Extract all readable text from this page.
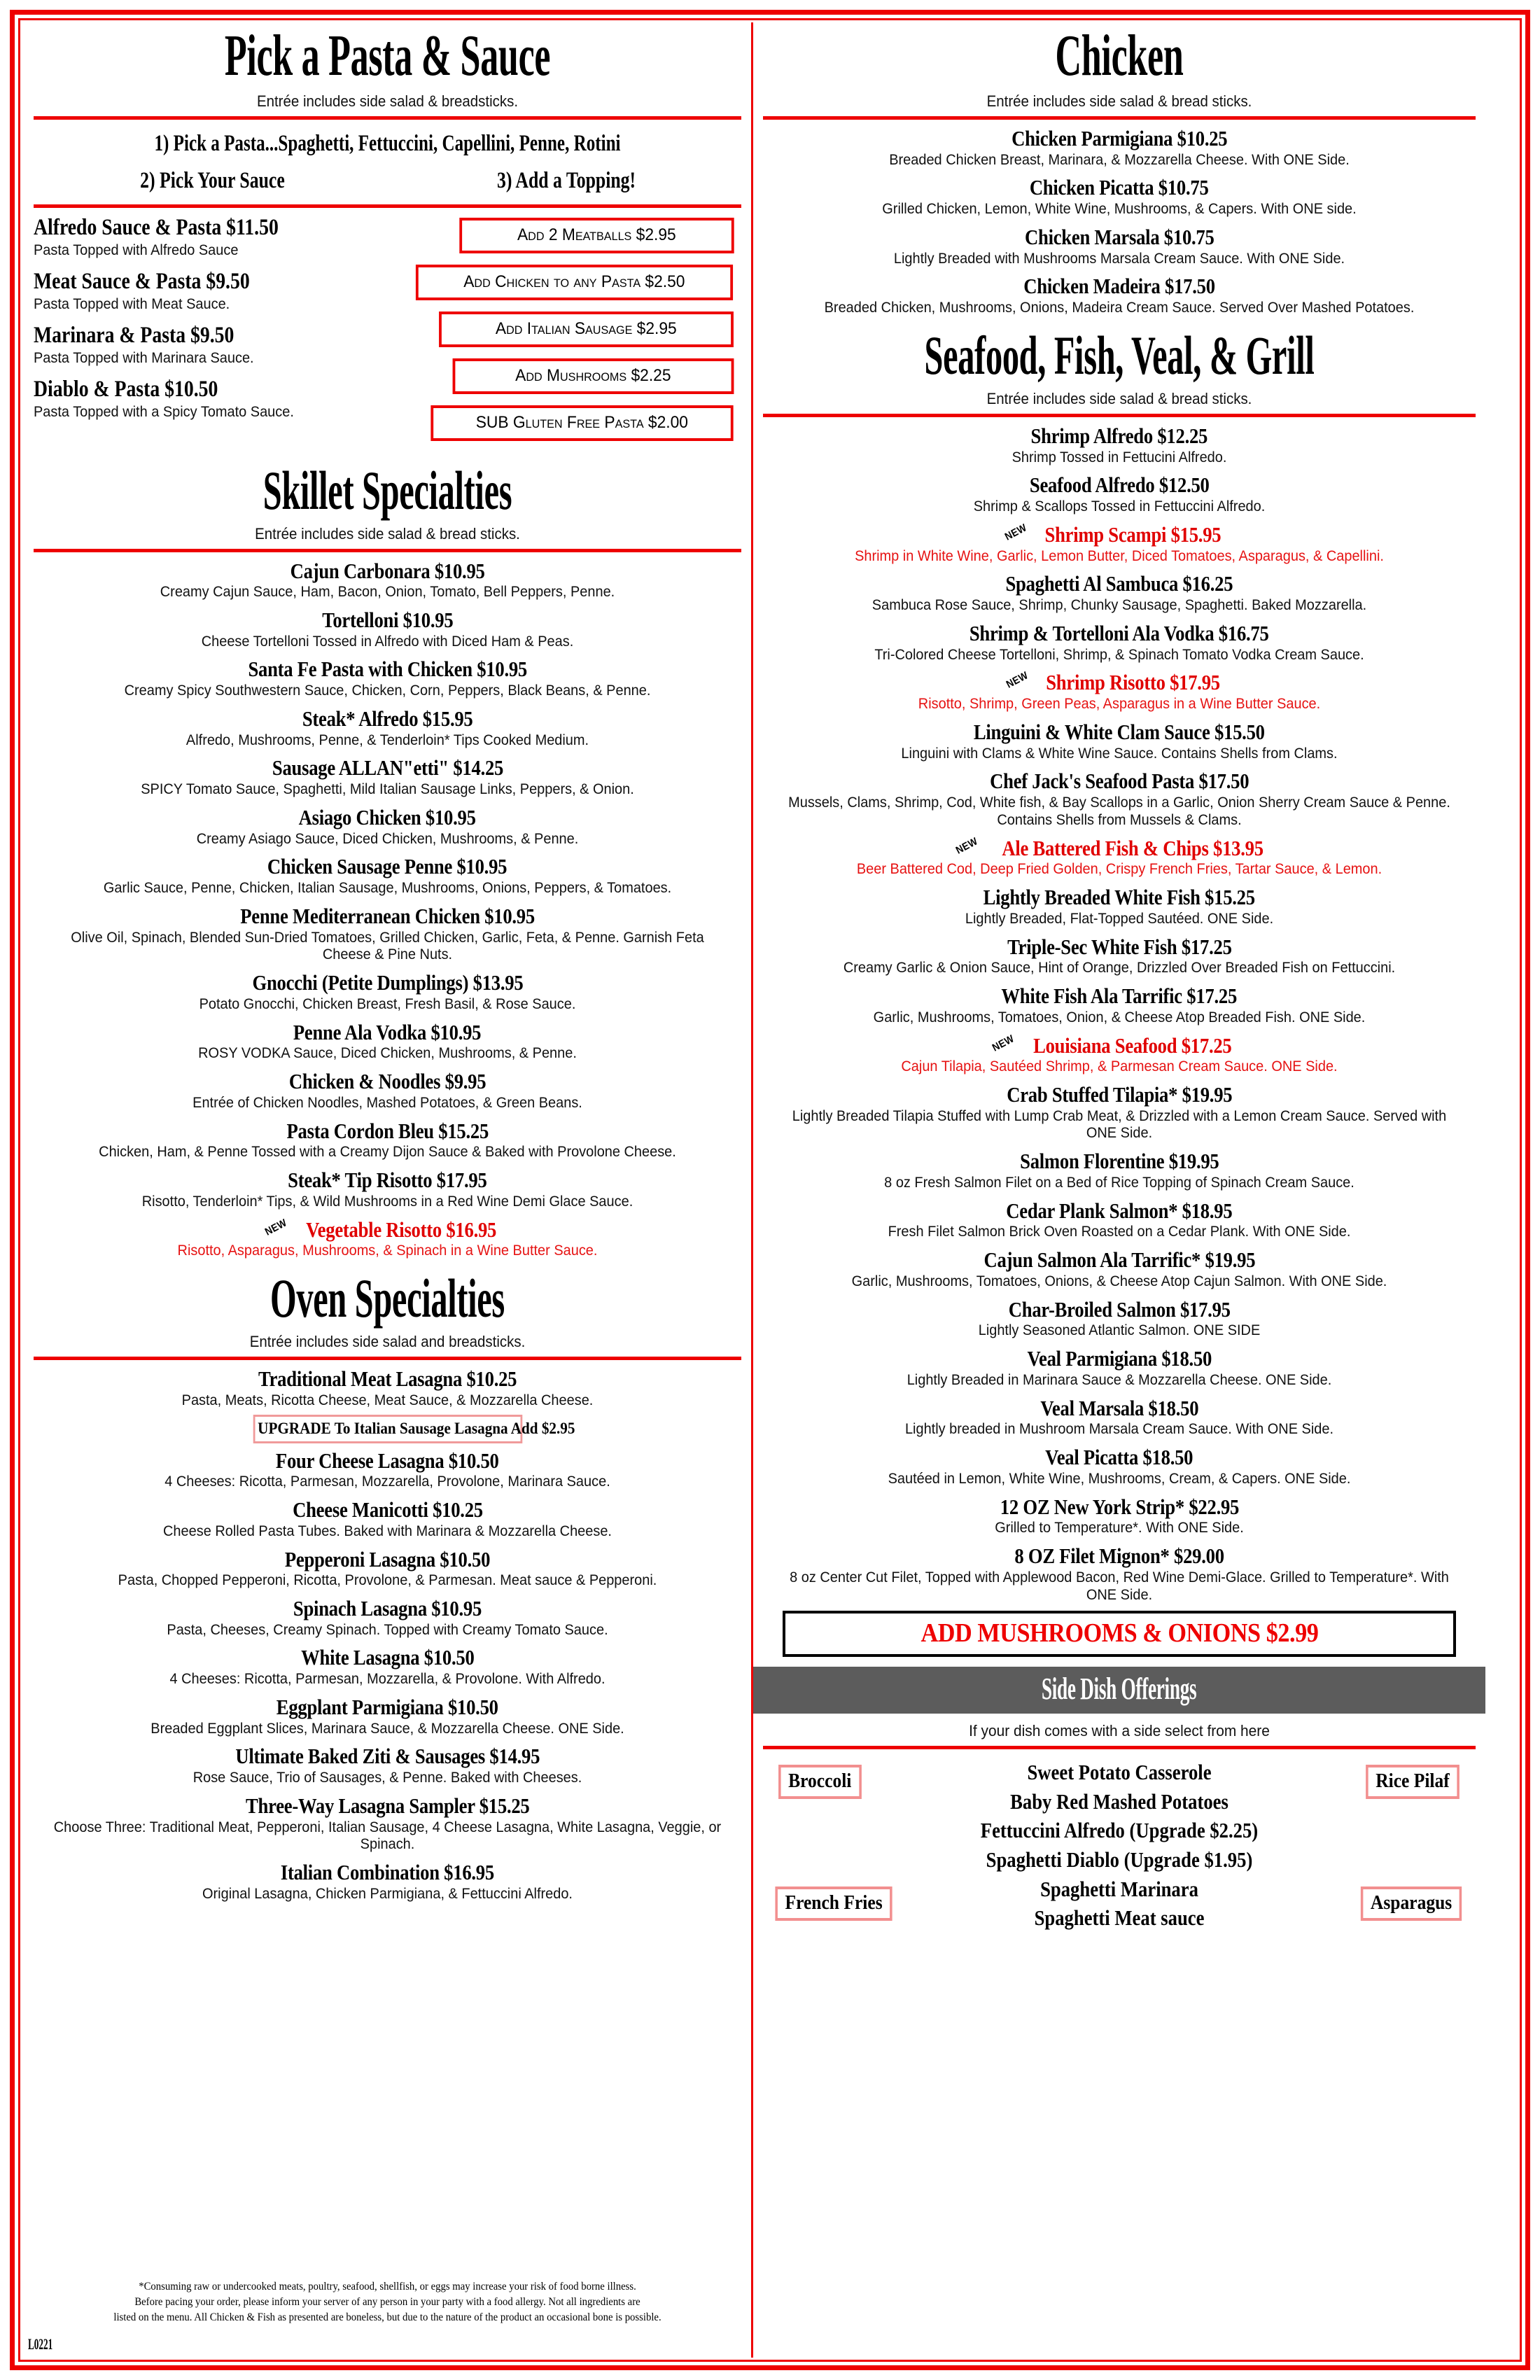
Pick a Pasta & Sauce
Entrée includes side salad & breadsticks.
1) Pick a Pasta...Spaghetti, Fettuccini, Capellini, Penne, Rotini
2) Pick Your Sauce	3) Add a Topping!
Alfredo Sauce & Pasta $11.50
Pasta Topped with Alfredo Sauce
Meat Sauce & Pasta $9.50
Pasta Topped with Meat Sauce.
Marinara & Pasta $9.50
Pasta Topped with Marinara Sauce.
Diablo & Pasta $10.50
Pasta Topped with a Spicy Tomato Sauce.
Add 2 Meatballs $2.95
Add Chicken to any Pasta $2.50
Add Italian Sausage $2.95
Add Mushrooms $2.25
SUB Gluten Free Pasta $2.00
Skillet Specialties
Entrée includes side salad & bread sticks.
Cajun Carbonara $10.95
Creamy Cajun Sauce, Ham, Bacon, Onion, Tomato, Bell Peppers, Penne.
Tortelloni $10.95
Cheese Tortelloni Tossed in Alfredo with Diced Ham & Peas.
Santa Fe Pasta with Chicken $10.95
Creamy Spicy Southwestern Sauce, Chicken, Corn, Peppers, Black Beans, & Penne.
Steak* Alfredo $15.95
Alfredo, Mushrooms, Penne, & Tenderloin* Tips Cooked Medium.
Sausage ALLAN"etti" $14.25
SPICY Tomato Sauce, Spaghetti, Mild Italian Sausage Links, Peppers, & Onion.
Asiago Chicken $10.95
Creamy Asiago Sauce, Diced Chicken, Mushrooms, & Penne.
Chicken Sausage Penne $10.95
Garlic Sauce, Penne, Chicken, Italian Sausage, Mushrooms, Onions, Peppers, & Tomatoes.
Penne Mediterranean Chicken $10.95
Olive Oil, Spinach, Blended Sun-Dried Tomatoes, Grilled Chicken, Garlic, Feta, & Penne. Garnish Feta Cheese & Pine Nuts.
Gnocchi (Petite Dumplings) $13.95
Potato Gnocchi, Chicken Breast, Fresh Basil, & Rose Sauce.
Penne Ala Vodka $10.95
ROSY VODKA Sauce, Diced Chicken, Mushrooms, & Penne.
Chicken & Noodles $9.95
Entrée of Chicken Noodles, Mashed Potatoes, & Green Beans.
Pasta Cordon Bleu $15.25
Chicken, Ham, & Penne Tossed with a Creamy Dijon Sauce & Baked with Provolone Cheese.
Steak* Tip Risotto $17.95
Risotto, Tenderloin* Tips, & Wild Mushrooms in a Red Wine Demi Glace Sauce.
NEW Vegetable Risotto $16.95
Risotto, Asparagus, Mushrooms, & Spinach in a Wine Butter Sauce.
Oven Specialties
Entrée includes side salad and breadsticks.
Traditional Meat Lasagna $10.25
Pasta, Meats, Ricotta Cheese, Meat Sauce, & Mozzarella Cheese.
UPGRADE To Italian Sausage Lasagna Add $2.95
Four Cheese Lasagna $10.50
4 Cheeses: Ricotta, Parmesan, Mozzarella, Provolone, Marinara Sauce.
Cheese Manicotti $10.25
Cheese Rolled Pasta Tubes. Baked with Marinara & Mozzarella Cheese.
Pepperoni Lasagna $10.50
Pasta, Chopped Pepperoni, Ricotta, Provolone, & Parmesan. Meat sauce & Pepperoni.
Spinach Lasagna $10.95
Pasta, Cheeses, Creamy Spinach. Topped with Creamy Tomato Sauce.
White Lasagna $10.50
4 Cheeses: Ricotta, Parmesan, Mozzarella, & Provolone. With Alfredo.
Eggplant Parmigiana $10.50
Breaded Eggplant Slices, Marinara Sauce, & Mozzarella Cheese. ONE Side.
Ultimate Baked Ziti & Sausages $14.95
Rose Sauce, Trio of Sausages, & Penne. Baked with Cheeses.
Three-Way Lasagna Sampler $15.25
Choose Three: Traditional Meat, Pepperoni, Italian Sausage, 4 Cheese Lasagna, White Lasagna, Veggie, or Spinach.
Italian Combination $16.95
Original Lasagna, Chicken Parmigiana, & Fettuccini Alfredo.
*Consuming raw or undercooked meats, poultry, seafood, shellfish, or eggs may increase your risk of food borne illness.
Before pacing your order, please inform your server of any person in your party with a food allergy. Not all ingredients are
listed on the menu. All Chicken & Fish as presented are boneless, but due to the nature of the product an occasional bone is possible.
L0221
Chicken
Entrée includes side salad & bread sticks.
Chicken Parmigiana $10.25
Breaded Chicken Breast, Marinara, & Mozzarella Cheese. With ONE Side.
Chicken Picatta $10.75
Grilled Chicken, Lemon, White Wine, Mushrooms, & Capers. With ONE side.
Chicken Marsala $10.75
Lightly Breaded with Mushrooms Marsala Cream Sauce. With ONE Side.
Chicken Madeira $17.50
Breaded Chicken, Mushrooms, Onions, Madeira Cream Sauce. Served Over Mashed Potatoes.
Seafood, Fish, Veal, & Grill
Entrée includes side salad & bread sticks.
Shrimp Alfredo $12.25
Shrimp Tossed in Fettucini Alfredo.
Seafood Alfredo $12.50
Shrimp & Scallops Tossed in Fettuccini Alfredo.
NEW Shrimp Scampi $15.95
Shrimp in White Wine, Garlic, Lemon Butter, Diced Tomatoes, Asparagus, & Capellini.
Spaghetti Al Sambuca $16.25
Sambuca Rose Sauce, Shrimp, Chunky Sausage, Spaghetti. Baked Mozzarella.
Shrimp & Tortelloni Ala Vodka $16.75
Tri-Colored Cheese Tortelloni, Shrimp, & Spinach Tomato Vodka Cream Sauce.
NEW Shrimp Risotto $17.95
Risotto, Shrimp, Green Peas, Asparagus in a Wine Butter Sauce.
Linguini & White Clam Sauce $15.50
Linguini with Clams & White Wine Sauce. Contains Shells from Clams.
Chef Jack's Seafood Pasta $17.50
Mussels, Clams, Shrimp, Cod, White fish, & Bay Scallops in a Garlic, Onion Sherry Cream Sauce & Penne. Contains Shells from Mussels & Clams.
NEW Ale Battered Fish & Chips $13.95
Beer Battered Cod, Deep Fried Golden, Crispy French Fries, Tartar Sauce, & Lemon.
Lightly Breaded White Fish $15.25
Lightly Breaded, Flat-Topped Sautéed. ONE Side.
Triple-Sec White Fish $17.25
Creamy Garlic & Onion Sauce, Hint of Orange, Drizzled Over Breaded Fish on Fettuccini.
White Fish Ala Tarrific $17.25
Garlic, Mushrooms, Tomatoes, Onion, & Cheese Atop Breaded Fish. ONE Side.
NEW Louisiana Seafood $17.25
Cajun Tilapia, Sautéed Shrimp, & Parmesan Cream Sauce. ONE Side.
Crab Stuffed Tilapia* $19.95
Lightly Breaded Tilapia Stuffed with Lump Crab Meat, & Drizzled with a Lemon Cream Sauce. Served with ONE Side.
Salmon Florentine $19.95
8 oz Fresh Salmon Filet on a Bed of Rice Topping of Spinach Cream Sauce.
Cedar Plank Salmon* $18.95
Fresh Filet Salmon Brick Oven Roasted on a Cedar Plank. With ONE Side.
Cajun Salmon Ala Tarrific* $19.95
Garlic, Mushrooms, Tomatoes, Onions, & Cheese Atop Cajun Salmon. With ONE Side.
Char-Broiled Salmon $17.95
Lightly Seasoned Atlantic Salmon. ONE SIDE
Veal Parmigiana $18.50
Lightly Breaded in Marinara Sauce & Mozzarella Cheese. ONE Side.
Veal Marsala $18.50
Lightly breaded in Mushroom Marsala Cream Sauce. With ONE Side.
Veal Picatta $18.50
Sautéed in Lemon, White Wine, Mushrooms, Cream, & Capers. ONE Side.
12 OZ New York Strip* $22.95
Grilled to Temperature*. With ONE Side.
8 OZ Filet Mignon* $29.00
8 oz Center Cut Filet, Topped with Applewood Bacon, Red Wine Demi-Glace. Grilled to Temperature*. With ONE Side.
ADD MUSHROOMS & ONIONS $2.99
Side Dish Offerings
If your dish comes with a side select from here
Broccoli	Rice Pilaf
French Fries	Asparagus
Sweet Potato Casserole
Baby Red Mashed Potatoes
Fettuccini Alfredo (Upgrade $2.25)
Spaghetti Diablo (Upgrade $1.95)
Spaghetti Marinara
Spaghetti Meat sauce
